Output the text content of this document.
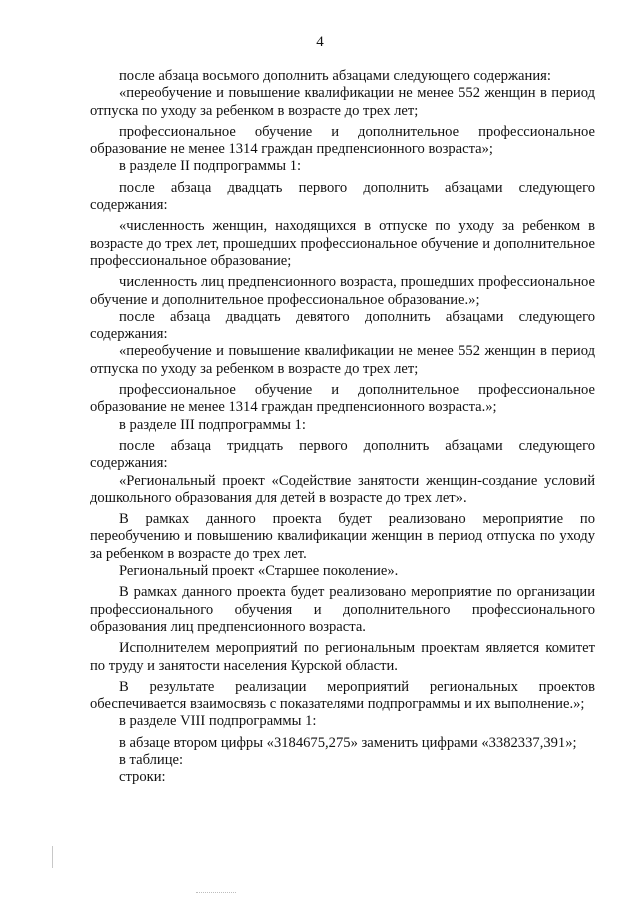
4

после абзаца восьмого дополнить абзацами следующего содержания:

«переобучение и повышение квалификации не менее 552 женщин в период отпуска по уходу за ребенком в возрасте до трех лет;

профессиональное обучение и дополнительное профессиональное образование не менее 1314 граждан предпенсионного возраста»;

в разделе II подпрограммы 1:

после абзаца двадцать первого дополнить абзацами следующего содержания:

«численность женщин, находящихся в отпуске по уходу за ребенком в возрасте до трех лет, прошедших профессиональное обучение и дополнительное профессиональное образование;

численность лиц предпенсионного возраста, прошедших профессиональное обучение и дополнительное профессиональное образование.»;

после абзаца двадцать девятого дополнить абзацами следующего содержания:

«переобучение и повышение квалификации не менее 552 женщин в период отпуска по уходу за ребенком в возрасте до трех лет;

профессиональное обучение и дополнительное профессиональное образование не менее 1314 граждан предпенсионного возраста.»;

в разделе III подпрограммы 1:

после абзаца тридцать первого дополнить абзацами следующего содержания:

«Региональный проект «Содействие занятости женщин-создание условий дошкольного образования для детей в возрасте до трех лет».

В рамках данного проекта будет реализовано мероприятие по переобучению и повышению квалификации женщин в период отпуска по уходу за ребенком в возрасте до трех лет.

Региональный проект «Старшее поколение».

В рамках данного проекта будет реализовано мероприятие по организации профессионального обучения и дополнительного профессионального образования лиц предпенсионного возраста.

Исполнителем мероприятий по региональным проектам является комитет по труду и занятости населения Курской области.

В результате реализации мероприятий региональных проектов обеспечивается взаимосвязь с показателями подпрограммы и их выполнение.»;

в разделе VIII подпрограммы 1:

в абзаце втором цифры «3184675,275» заменить цифрами «3382337,391»;

в таблице:

строки:
